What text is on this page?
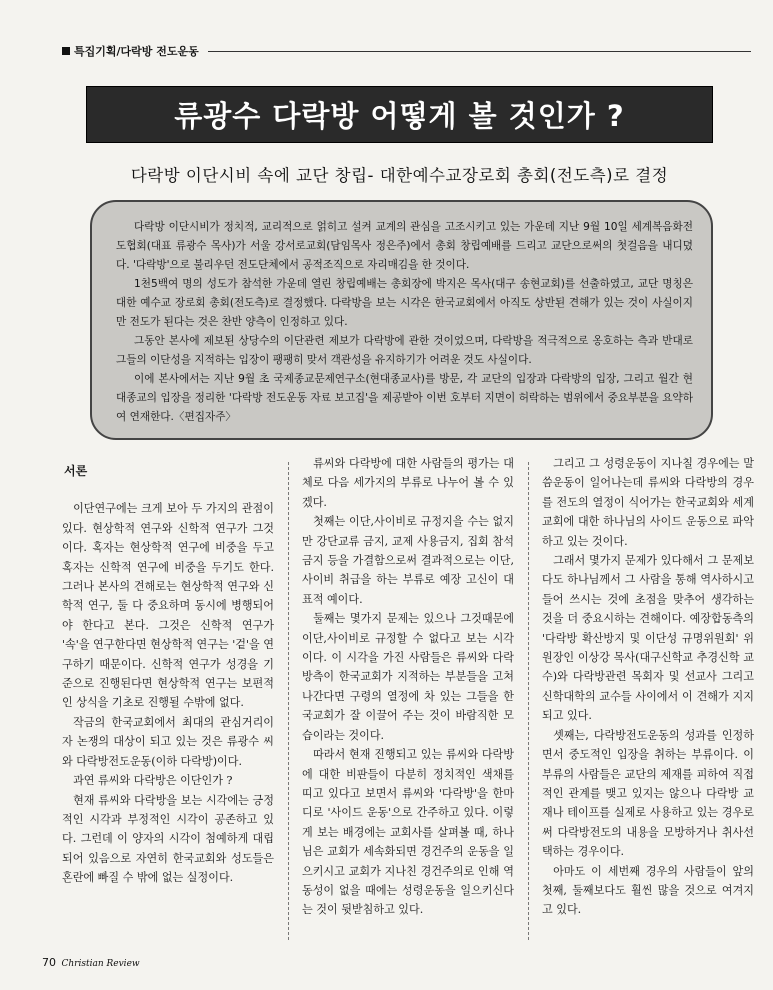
특집기획/다락방 전도운동
류광수 다락방 어떻게 볼 것인가 ?
다락방 이단시비 속에 교단 창립- 대한예수교장로회 총회(전도측)로 결정

다락방 이단시비가 정치적, 교리적으로 얽히고 설켜 교계의 관심을 고조시키고 있는 가운데 지난 9월 10일 세계복음화전도협회(대표 류광수 목사)가 서울 강서로교회(담임목사 정은주)에서 총회 창립예배를 드리고 교단으로써의 첫걸음을 내디뎠다. '다락방'으로 불리우던 전도단체에서 공적조직으로 자리매김을 한 것이다.

1천5백여 명의 성도가 참석한 가운데 열린 창립예배는 총회장에 박지은 목사(대구 송현교회)를 선출하였고, 교단 명칭은 대한 예수교 장로회 총회(전도측)로 결정했다. 다락방을 보는 시각은 한국교회에서 아직도 상반된 견해가 있는 것이 사실이지만 전도가 된다는 것은 찬반 양측이 인정하고 있다.

그동안 본사에 제보된 상당수의 이단관련 제보가 다락방에 관한 것이었으며, 다락방을 적극적으로 옹호하는 측과 반대로 그들의 이단성을 지적하는 입장이 팽팽히 맞서 객관성을 유지하기가 어려운 것도 사실이다.

이에 본사에서는 지난 9월 초 국제종교문제연구소(현대종교사)를 방문, 각 교단의 입장과 다락방의 입장, 그리고 월간 현대종교의 입장을 정리한 '다락방 전도운동 자료 보고집'을 제공받아 이번 호부터 지면이 허락하는 범위에서 중요부분을 요약하여 연재한다.〈편집자주〉

서론

이단연구에는 크게 보아 두 가지의 관점이 있다. 현상학적 연구와 신학적 연구가 그것이다. 혹자는 현상학적 연구에 비중을 두고 혹자는 신학적 연구에 비중을 두기도 한다. 그러나 본사의 견해로는 현상학적 연구와 신학적 연구, 둘 다 중요하며 동시에 병행되어야 한다고 본다. 그것은 신학적 연구가 '속'을 연구한다면 현상학적 연구는 '겉'을 연구하기 때문이다. 신학적 연구가 성경을 기준으로 진행된다면 현상학적 연구는 보편적인 상식을 기초로 진행될 수밖에 없다.

작금의 한국교회에서 최대의 관심거리이자 논쟁의 대상이 되고 있는 것은 류광수 씨와 다락방전도운동(이하 다락방)이다.

과연 류씨와 다락방은 이단인가 ?

현재 류씨와 다락방을 보는 시각에는 긍정적인 시각과 부정적인 시각이 공존하고 있다. 그런데 이 양자의 시각이 첨예하게 대립되어 있음으로 자연히 한국교회와 성도들은 혼란에 빠질 수 밖에 없는 실정이다.

류씨와 다락방에 대한 사람들의 평가는 대체로 다음 세가지의 부류로 나누어 볼 수 있겠다.

첫째는 이단,사이비로 규정지을 수는 없지만 강단교류 금지, 교제 사용금지, 집회 참석 금지 등을 가결함으로써 결과적으로는 이단,사이비 취급을 하는 부류로 예장 고신이 대표적 예이다.

둘째는 몇가지 문제는 있으나 그것때문에 이단,사이비로 규정할 수 없다고 보는 시각이다. 이 시각을 가진 사람들은 류씨와 다락방측이 한국교회가 지적하는 부분들을 고쳐나간다면 구령의 열정에 차 있는 그들을 한국교회가 잘 이끌어 주는 것이 바람직한 모습이라는 것이다.

따라서 현재 진행되고 있는 류씨와 다락방에 대한 비판들이 다분히 정치적인 색채를 띠고 있다고 보면서 류씨와 '다락방'을 한마디로 '사이드 운동'으로 간주하고 있다. 이렇게 보는 배경에는 교회사를 살펴볼 때, 하나님은 교회가 세속화되면 경건주의 운동을 일으키시고 교회가 지나친 경건주의로 인해 역동성이 없을 때에는 성령운동을 일으키신다는 것이 뒷받침하고 있다.

그리고 그 성령운동이 지나칠 경우에는 말씀운동이 일어나는데 류씨와 다락방의 경우를 전도의 열정이 식어가는 한국교회와 세계교회에 대한 하나님의 사이드 운동으로 파악하고 있는 것이다.

그래서 몇가지 문제가 있다해서 그 문제보다도 하나님께서 그 사람을 통해 역사하시고 들어 쓰시는 것에 초점을 맞추어 생각하는 것을 더 중요시하는 견해이다. 예장합동측의 '다락방 확산방지 및 이단성 규명위원회' 위원장인 이상강 목사(대구신학교 추경신학 교수)와 다락방관련 목회자 및 선교사 그리고 신학대학의 교수들 사이에서 이 견해가 지지되고 있다.

셋째는, 다락방전도운동의 성과를 인정하면서 중도적인 입장을 취하는 부류이다. 이 부류의 사람들은 교단의 제재를 피하여 직접적인 관계를 맺고 있지는 않으나 다락방 교재나 테이프를 실제로 사용하고 있는 경우로써 다락방전도의 내용을 모방하거나 취사선택하는 경우이다.

아마도 이 세번째 경우의 사람들이 앞의 첫째, 둘째보다도 훨씬 많을 것으로 여겨지고 있다.

70 Christian Review
